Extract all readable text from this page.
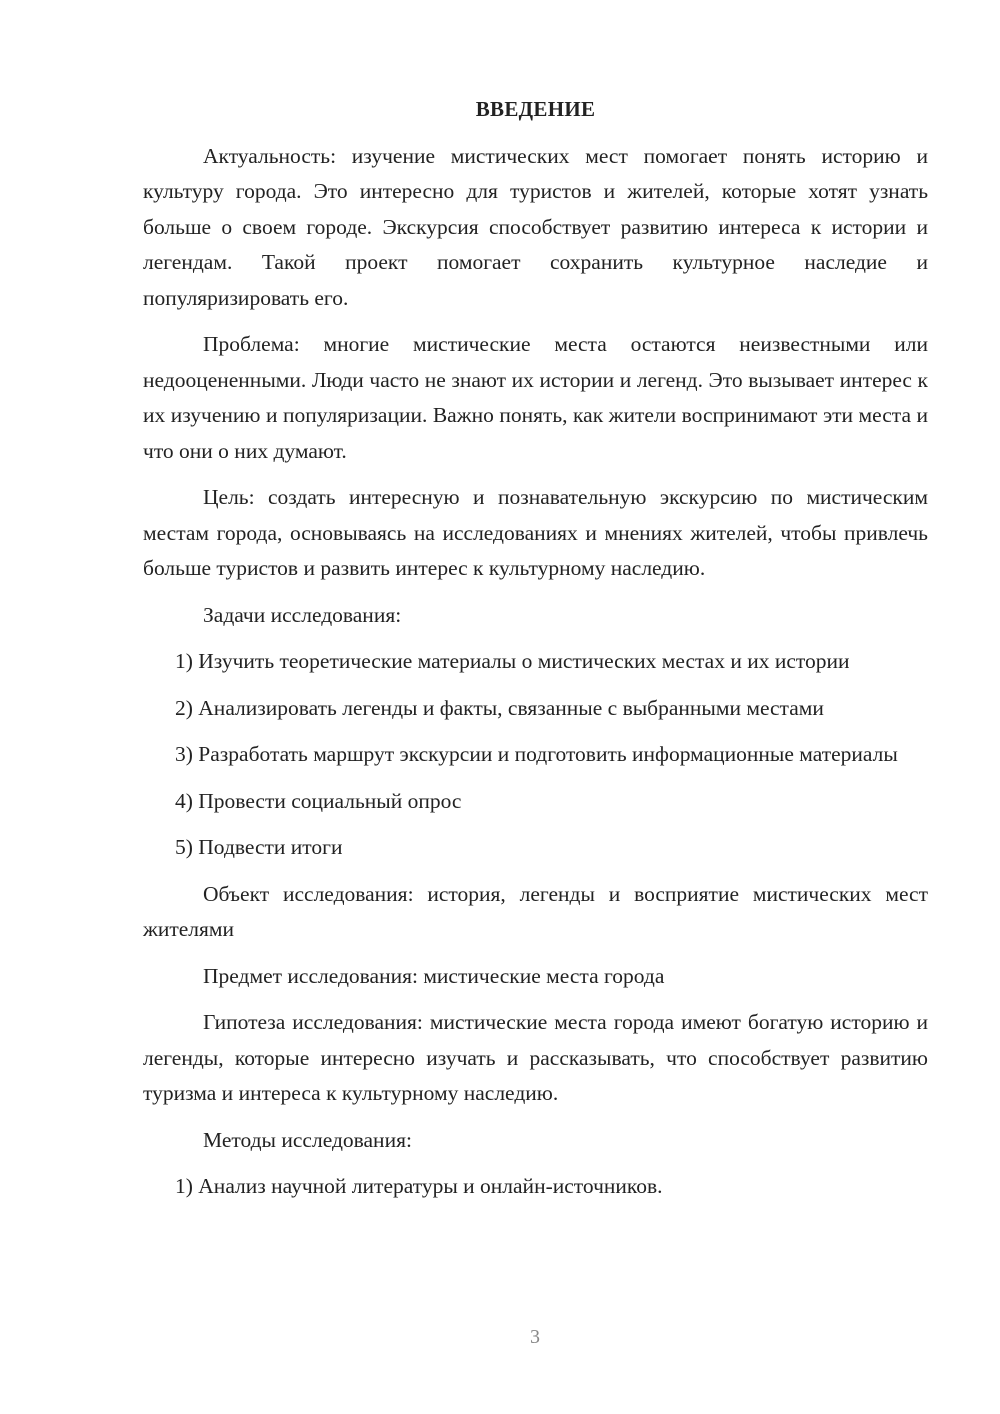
ВВЕДЕНИЕ

Актуальность: изучение мистических мест помогает понять историю и культуру города. Это интересно для туристов и жителей, которые хотят узнать больше о своем городе. Экскурсия способствует развитию интереса к истории и легендам. Такой проект помогает сохранить культурное наследие и популяризировать его.

Проблема: многие мистические места остаются неизвестными или недооцененными. Люди часто не знают их истории и легенд. Это вызывает интерес к их изучению и популяризации. Важно понять, как жители воспринимают эти места и что они о них думают.

Цель: создать интересную и познавательную экскурсию по мистическим местам города, основываясь на исследованиях и мнениях жителей, чтобы привлечь больше туристов и развить интерес к культурному наследию.

Задачи исследования:

1) Изучить теоретические материалы о мистических местах и их истории

2) Анализировать легенды и факты, связанные с выбранными местами

3) Разработать маршрут экскурсии и подготовить информационные материалы

4) Провести социальный опрос

5) Подвести итоги

Объект исследования: история, легенды и восприятие мистических мест жителями

Предмет исследования: мистические места города

Гипотеза исследования: мистические места города имеют богатую историю и легенды, которые интересно изучать и рассказывать, что способствует развитию туризма и интереса к культурному наследию.

Методы исследования:

1) Анализ научной литературы и онлайн-источников.

3
